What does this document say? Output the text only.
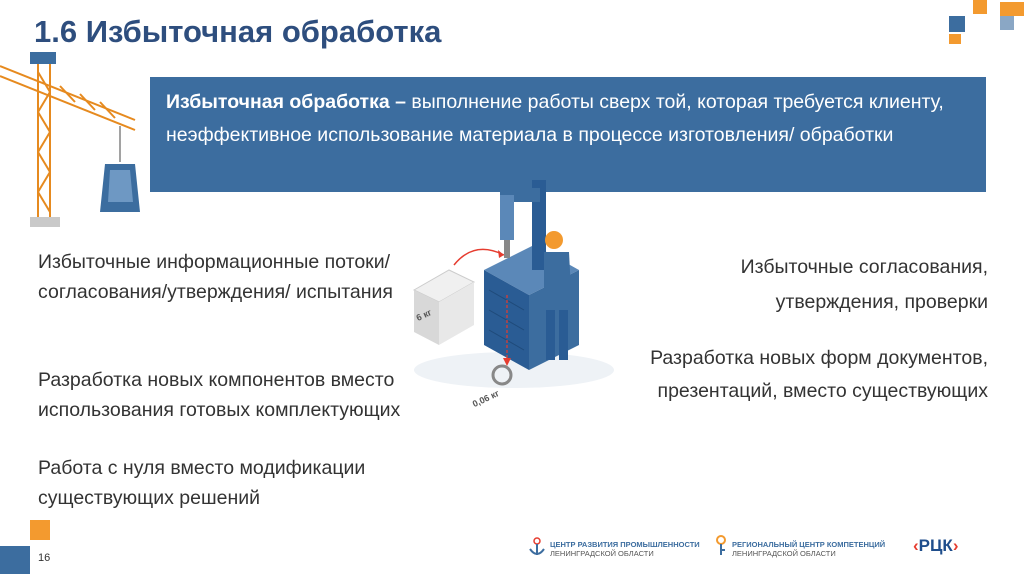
1.6 Избыточная обработка
Избыточная обработка – выполнение работы сверх той, которая требуется клиенту, неэффективное использование материала в процессе изготовления/ обработки
Избыточные информационные потоки/согласования/утверждения/ испытания
Разработка новых компонентов вместо использования готовых комплектующих
Работа с нуля вместо модификации существующих решений
Избыточные согласования, утверждения, проверки
Разработка новых форм документов, презентаций, вместо существующих
6 кг
0,06 кг
16
ЦЕНТР РАЗВИТИЯ ПРОМЫШЛЕННОСТИ
ЛЕНИНГРАДСКОЙ ОБЛАСТИ
РЕГИОНАЛЬНЫЙ ЦЕНТР КОМПЕТЕНЦИЙ
ЛЕНИНГРАДСКОЙ ОБЛАСТИ	‹РЦК›
